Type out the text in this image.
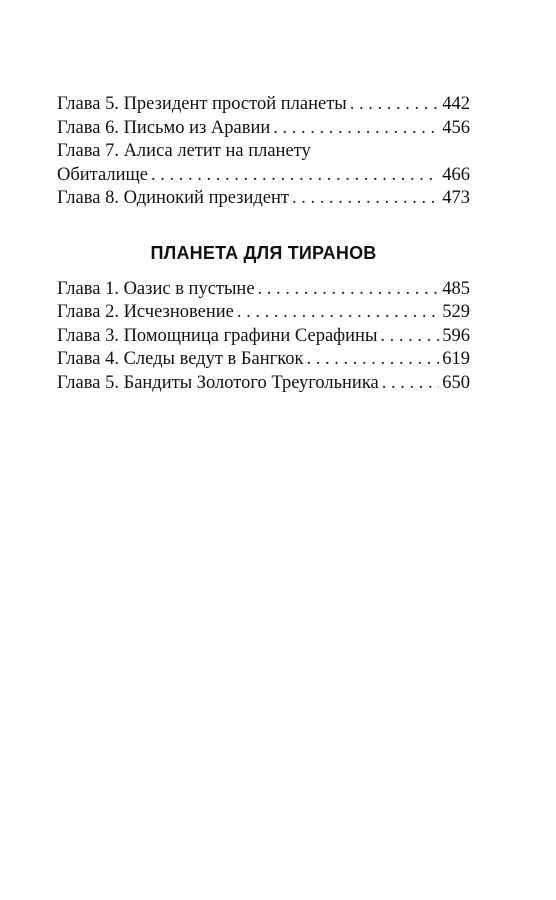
Глава 5. Президент простой планеты . . .	442
Глава 6. Письмо из Аравии . . .	456
Глава 7. Алиса летит на планету
Обиталище . . .	466
Глава 8. Одинокий президент . . .	473
ПЛАНЕТА ДЛЯ ТИРАНОВ
Глава 1. Оазис в пустыне . . .	485
Глава 2. Исчезновение . . .	529
Глава 3. Помощница графини Серафины . . .	596
Глава 4. Следы ведут в Бангкок . . .	619
Глава 5. Бандиты Золотого Треугольника . . .	650
